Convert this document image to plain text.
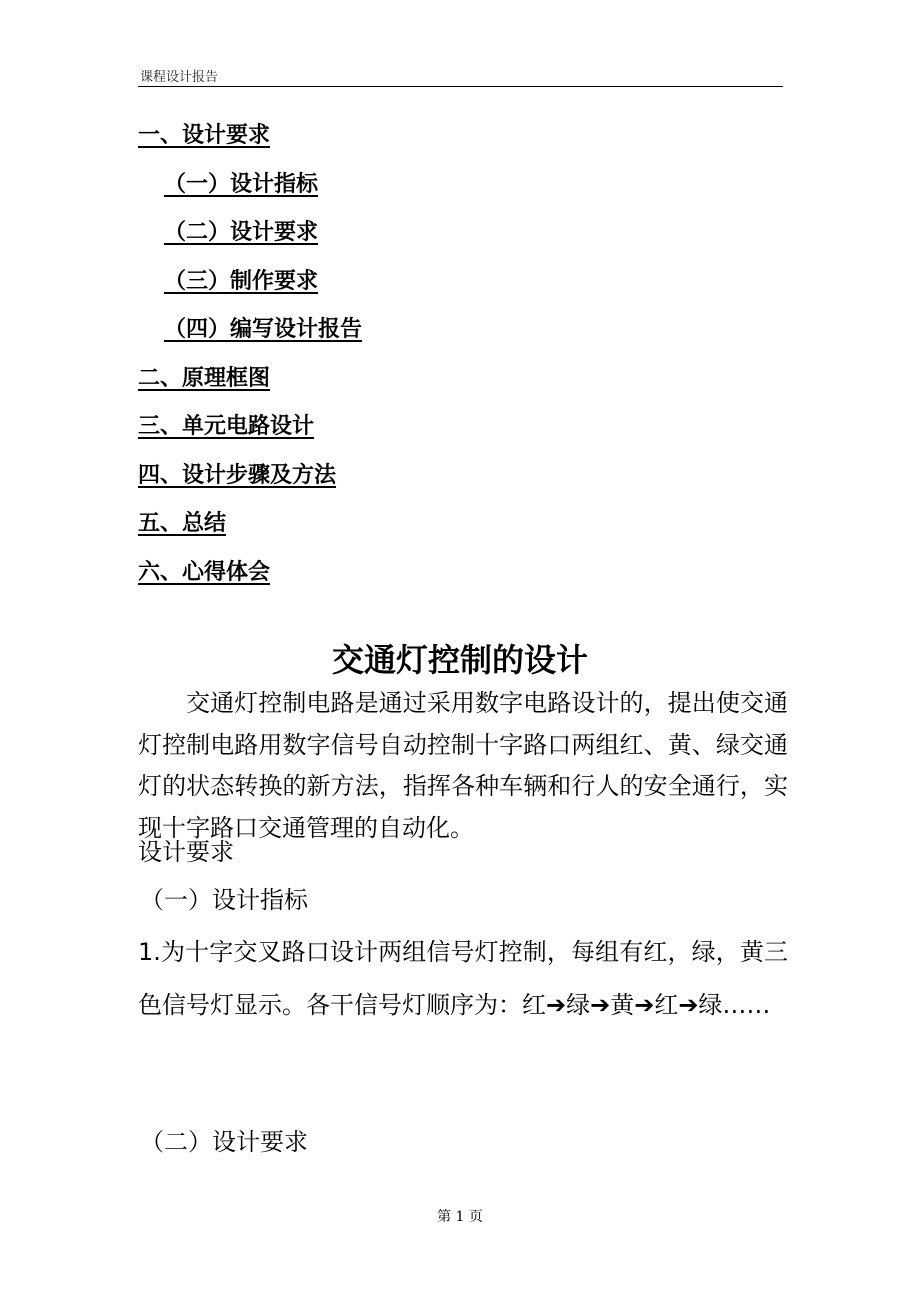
课程设计报告
一、设计要求
（一）设计指标
（二）设计要求
（三）制作要求
（四）编写设计报告
二、原理框图
三、单元电路设计
四、设计步骤及方法
五、总结
六、心得体会
交通灯控制的设计

交通灯控制电路是通过采用数字电路设计的，提出使交通灯控制电路用数字信号自动控制十字路口两组红、黄、绿交通灯的状态转换的新方法，指挥各种车辆和行人的安全通行，实现十字路口交通管理的自动化。

设计要求
（一）设计指标

1.为十字交叉路口设计两组信号灯控制，每组有红，绿，黄三色信号灯显示。各干信号灯顺序为：红➔绿➔黄➔红➔绿……

（二）设计要求
第 1 页
